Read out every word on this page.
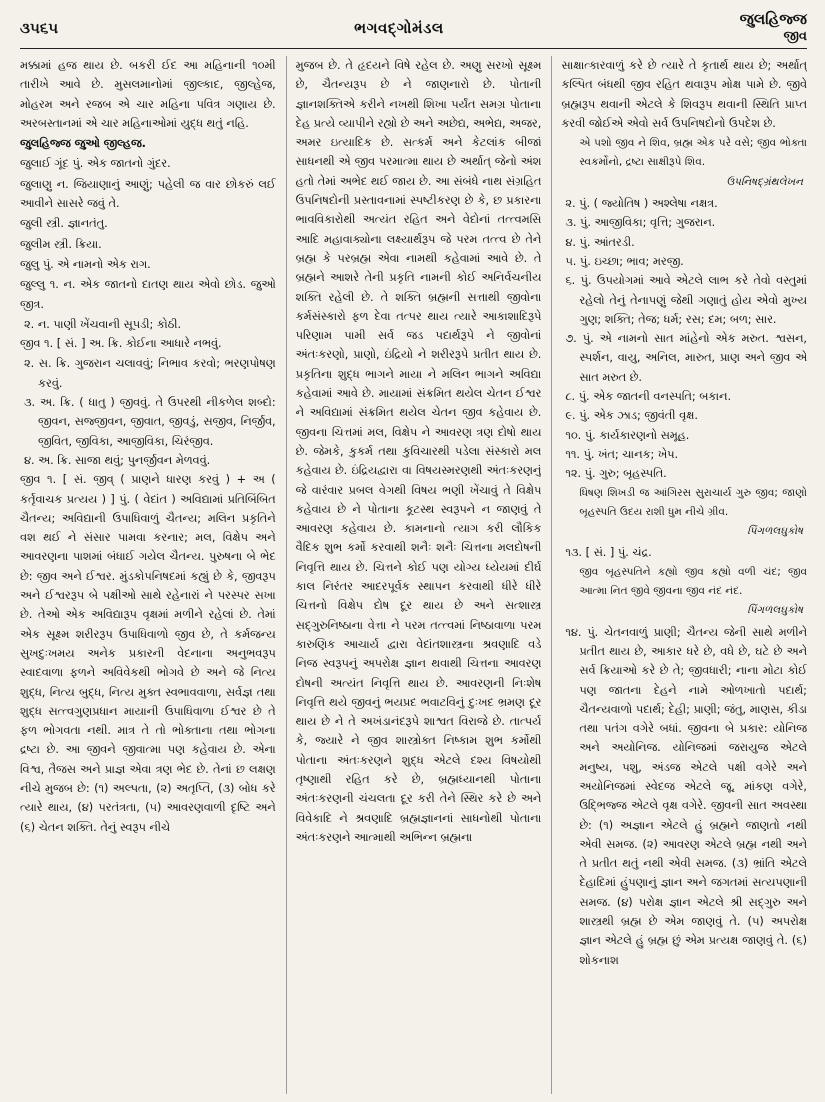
૩૫૬૫	ભગવદ્ગોમંડલ	જુલહિજ્જ
જીવ

મક્કામાં હજ થાય છે. બકરી ઈદ આ મહિનાની ૧૦મી તારીખે આવે છે. મુસલમાનોમાં જીલ્કાદ, જીલ્હેજ, મોહરમ અને રજબ એ ચાર મહિના પવિત્ર ગણાય છે. અરબસ્તાનમાં એ ચાર મહિનાઓમાં યુદ્ધ થતું નહિ.

જુલહિજ્જ જુઓ જીલ્હજ.

જુલાઈ ગૂંદ પું. એક જાતનો ગુંદર.

જુલાણુ ન. જિયાણાનું આણું; પહેલી જ વાર છોકરું લઈ આવીને સાસરે જવું તે.

જુલી સ્ત્રી. જ્ઞાનતંતુ.

જુલીમ સ્ત્રી. ક્રિયા.

જુલુ પું. એ નામનો એક રાગ.

જુલ્લુ ૧. ન. એક જાતનો દાતણ થાય એવો છોડ. જુઓ જીત્ર.

૨. ન. પાણી ખેંચવાની સૂપડી; કોઠી.

જીવ ૧. [ સં. ] અ. ક્રિ. કોઈના આધારે નભવું.

૨. સ. ક્રિ. ગુજરાન ચલાવવું; નિભાવ કરવો; ભરણપોષણ કરવું.

૩. અ. ક્રિ. ( ધાતુ ) જીવવું. તે ઉપરથી નીકળેલ શબ્દો: જીવન, સજ્જીવન, જીવાત, જીવડું, સજીવ, નિર્જીવ, જીવિત, જીવિકા, આજીવિકા, ચિરંજીવ.

૪. અ. ક્રિ. સાજા થવું; પુનર્જીવન મેળવવું.

જીવ ૧. [ સં. જીવ્ ( પ્રાણને ધારણ કરવું ) + અ ( કર્તૃવાચક પ્રત્યય ) ] પું. ( વેદાંત ) અવિદ્યામાં પ્રતિબિંબિત ચૈતન્ય; અવિદ્યાની ઉપાધિવાળું ચૈતન્ય; મલિન પ્રકૃતિને વશ થઈ ને સંસાર પામવા કરનાર; મલ, વિક્ષેપ અને આવરણના પાશમાં બંધાઈ ગયેલ ચૈતન્ય. પુરુષના બે ભેદ છે: જીવ અને ઈશ્વર. મુંડકોપનિષદમાં કહ્યું છે કે, જીવરૂપ અને ઈશ્વરરૂપ બે પક્ષીઓ સાથે રહેનારાં ને પરસ્પર સખા છે. તેઓ એક અવિદ્યારૂપ વૃક્ષમાં મળીને રહેલાં છે. તેમાં એક સૂક્ષ્મ શરીરરૂપ ઉપાધિવાળો જીવ છે, તે કર્મજન્ય સુખદુઃખમય અનેક પ્રકારની વેદનાના અનુભવરૂપ સ્વાદવાળા ફળને અવિવેકથી ભોગવે છે અને જે નિત્ય શુદ્ધ, નિત્ય બુદ્ધ, નિત્ય મુક્ત સ્વભાવવાળા, સર્વજ્ઞ તથા શુદ્ધ સત્ત્વગુણપ્રધાન માયાની ઉપાધિવાળા ઈશ્વર છે તે ફળ ભોગવતા નથી. માત્ર તે તો ભોક્તાના તથા ભોગના દ્રષ્ટા છે. આ જીવને જીવાત્મા પણ કહેવાય છે. એના વિશ્વ, તૈજસ અને પ્રાજ્ઞ એવા ત્રણ ભેદ છે. તેનાં છ લક્ષણ નીચે મુજબ છે: (૧) અલ્પતા, (૨) અતૃપ્તિ, (૩) બોધ કરે ત્યારે થાય, (૪) પરતંત્રતા, (૫) આવરણવાળી દૃષ્ટિ અને (૬) ચેતન શક્તિ. તેનું સ્વરૂપ નીચે

મુજબ છે. તે હૃદયને વિષે રહેલ છે. અણુ સરખો સૂક્ષ્મ છે, ચૈતન્યરૂપ છે ને જાણનારો છે. પોતાની જ્ઞાનશક્તિએ કરીને નખથી શિખા પર્યંત સમગ્ર પોતાના દેહ પ્રત્યે વ્યાપીને રહ્યો છે અને અછેદ્ય, અભેદ્ય, અજર, અમર ઇત્યાદિક છે. સત્કર્મ અને કેટલાંક બીજાં સાધનથી એ જીવ પરમાત્મા થાય છે અર્થાત્ જેનો અંશ હતો તેમાં અભેદ થઈ જાય છે. આ સંબંધે નાથ સંગ્રહિત ઉપનિષદોની પ્રસ્તાવનામાં સ્પષ્ટીકરણ છે કે, છ પ્રકારના ભાવવિકારોથી અત્યંત રહિત અને વેદોનાં તત્ત્વમસિ આદિ મહાવાક્યોના લક્ષ્યાર્થરૂપ જે પરમ તત્ત્વ છે તેને બ્રહ્મ કે પરબ્રહ્મ એવા નામથી કહેવામાં આવે છે. તે બ્રહ્મને આશરે તેની પ્રકૃતિ નામની કોઈ અનિર્વચનીય શક્તિ રહેલી છે. તે શક્તિ બ્રહ્મની સત્તાથી જીવોના કર્મસંસ્કારો ફળ દેવા તત્પર થાય ત્યારે આકાશાદિરૂપે પરિણામ પામી સર્વ જડ પદાર્થરૂપે ને જીવોનાં અંતઃકરણો, પ્રાણો, ઇંદ્રિયો ને શરીરરૂપે પ્રતીત થાય છે. પ્રકૃતિના શુદ્ધ ભાગને માયા ને મલિન ભાગને અવિદ્યા કહેવામાં આવે છે. માયામાં સંક્રમિત થયેલ ચેતન ઈશ્વર ને અવિદ્યામાં સંક્રમિત થયેલ ચેતન જીવ કહેવાય છે. જીવના ચિત્તમાં મલ, વિક્ષેપ ને આવરણ ત્રણ દોષો થાય છે. જેમકે, કુકર્મ તથા કુવિચારથી પડેલા સંસ્કારો મલ કહેવાય છે. ઇંદ્રિયદ્વારા વા વિષયસ્મરણથી અંતઃકરણનું જે વારંવાર પ્રબલ વેગથી વિષય ભણી ખેંચાવું તે વિક્ષેપ કહેવાય છે ને પોતાના કૂટસ્થ સ્વરૂપને ન જાણવું તે આવરણ કહેવાય છે. કામનાનો ત્યાગ કરી લૌકિક વૈદિક શુભ કર્મો કરવાથી શનૈઃ શનૈઃ ચિત્તના મલદોષની નિવૃત્તિ થાય છે. ચિત્તને કોઈ પણ યોગ્ય ધ્યેયમાં દીર્ઘ કાલ નિરંતર આદરપૂર્વક સ્થાપન કરવાથી ધીરે ધીરે ચિત્તનો વિક્ષેપ દોષ દૂર થાય છે અને સત્શાસ્ત્ર સદ્ગુરુનિષ્ઠાના વેત્તા ને પરમ તત્ત્વમાં નિષ્ઠાવાળા પરમ કારુણિક આચાર્ય દ્વારા વેદાંતશાસ્ત્રના શ્રવણાદિ વડે નિજ સ્વરૂપનું અપરોક્ષ જ્ઞાન થવાથી ચિત્તના આવરણ દોષની અત્યંત નિવૃત્તિ થાય છે. આવરણની નિઃશેષ નિવૃત્તિ થયે જીવનું ભયપ્રદ ભવાટવિનું દુઃખદ ભ્રમણ દૂર થાય છે ને તે અખંડાનંદરૂપે શાશ્વત વિરાજે છે. તાત્પર્ય કે, જ્યારે ને જીવ શાસ્ત્રોક્ત નિષ્કામ શુભ કર્મોથી પોતાના અંતઃકરણને શુદ્ધ એટલે દશ્ય વિષયોથી તૃષ્ણાથી રહિત કરે છે, બ્રહ્મધ્યાનથી પોતાના અંતઃકરણની ચંચલતા દૂર કરી તેને સ્થિર કરે છે અને વિવેકાદિ ને શ્રવણાદિ બ્રહ્મજ્ઞાનનાં સાધનોથી પોતાના અંતઃકરણને આત્માથી અભિન્ન બ્રહ્મના

સાક્ષાત્કારવાળું કરે છે ત્યારે તે કૃતાર્થ થાય છે; અર્થાત્ કલ્પિત બંધથી જીવ રહિત થવારૂપ મોક્ષ પામે છે. જીવે બ્રહ્મરૂપ થવાની એટલે કે શિવરૂપ થવાની સ્થિતિ પ્રાપ્ત કરવી જોઈએ એવો સર્વ ઉપનિષદોનો ઉપદેશ છે.

એ પશો જીવ ને શિવ, બ્રહ્મ એક પરે વસે; જીવ ભોક્તા સ્વકર્મોનો, દ્રષ્ટા સાક્ષીરૂપે શિવ.

ઉપનિષદ્ગ્રંથલેખન

૨. પું. ( જ્યોતિષ ) અશ્લેષા નક્ષત્ર.

૩. પું. આજીવિકા; વૃત્તિ; ગુજરાન.

૪. પું. આંતરડી.

૫. પું. ઇચ્છા; ભાવ; મરજી.

૬. પું. ઉપયોગમાં આવે એટલે લાભ કરે તેવો વસ્તુમાં રહેલો તેનું તેનાપણું જેથી ગણાતું હોય એવો મુખ્ય ગુણ; શક્તિ; તેજ; ધર્મ; રસ; દમ; બળ; સાર.

૭. પું. એ નામનો સાત માંહેનો એક મરુત. શ્વસન, સ્પર્શન, વાયુ, અનિલ, મારુત, પ્રાણ અને જીવ એ સાત મરુત છે.

૮. પું. એક જાતની વનસ્પતિ; બકાન.

૯. પું. એક ઝાડ; જીવંતી વૃક્ષ.

૧૦. પું. કાર્યકારણનો સમૂહ.

૧૧. પું. ખંત; ચાનક; ખેપ.

૧૨. પું. ગુરુ; બૃહસ્પતિ.

ધિષણ શિખડી જ આંગિરસ સુરાચાર્ય ગુરુ જીવ; જાણો બૃહસ્પતિ ઉદય રાશી ધુમ નીચે ગ્રીવ.

પિંગળલઘુકોષ

૧૩. [ સં. ] પું. ચંદ્ર.

જીવ બૃહસ્પતિને કહ્યો જીવ કહ્યો વળી ચંદ; જીવ આત્મા નિત જીવે જીવના જીવ નંદ નંદ.

પિંગળલઘુકોષ

૧૪. પું. ચેતનવાળું પ્રાણી; ચૈતન્ય જેની સાથે મળીને પ્રતીત થાય છે, આકાર ધરે છે, વધે છે, ઘટે છે અને સર્વ ક્રિયાઓ કરે છે તે; જીવધારી; નાના મોટા કોઈ પણ જાતના દેહને નામે ઓળખાતો પદાર્થ; ચૈતન્યવાળો પદાર્થ; દેહી; પ્રાણી; જંતુ, માણસ, કીડા તથા પતંગ વગેરે બધાં. જીવના બે પ્રકાર: યોનિજ અને અયોનિજ. યોનિજમાં જરાયુજ એટલે મનુષ્ય, પશુ, અંડજ એટલે પક્ષી વગેરે અને અયોનિજમાં સ્વેદજ એટલે જૂ, માંકણ વગેરે, ઉદ્ભિજ્જ એટલે વૃક્ષ વગેરે. જીવની સાત અવસ્થા છે: (૧) અજ્ઞાન એટલે હું બ્રહ્મને જાણતો નથી એવી સમજ. (૨) આવરણ એટલે બ્રહ્મ નથી અને તે પ્રતીત થતું નથી એવી સમજ. (૩) ભ્રાંતિ એટલે દેહાદિમાં હુંપણાનું જ્ઞાન અને જગતમાં સત્યપણાની સમજ. (૪) પરોક્ષ જ્ઞાન એટલે શ્રી સદ્ગુરુ અને શાસ્ત્રથી બ્રહ્મ છે એમ જાણવું તે. (૫) અપરોક્ષ જ્ઞાન એટલે હું બ્રહ્મ છું એમ પ્રત્યક્ષ જાણવું તે. (૬) શોકનાશ
